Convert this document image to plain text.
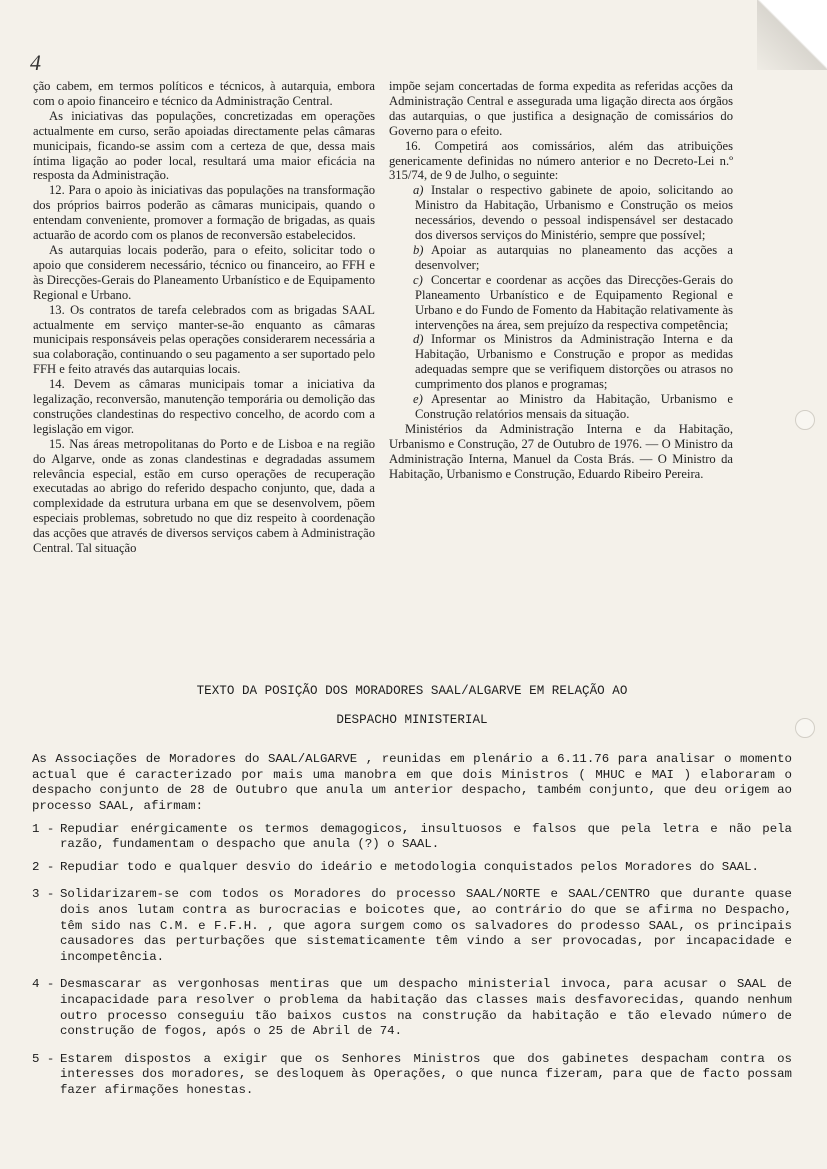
4

ção cabem, em termos políticos e técnicos, à autarquia, embora com o apoio financeiro e técnico da Administração Central.

As iniciativas das populações, concretizadas em operações actualmente em curso, serão apoiadas directamente pelas câmaras municipais, ficando-se assim com a certeza de que, dessa mais íntima ligação ao poder local, resultará uma maior eficácia na resposta da Administração.

12. Para o apoio às iniciativas das populações na transformação dos próprios bairros poderão as câmaras municipais, quando o entendam conveniente, promover a formação de brigadas, as quais actuarão de acordo com os planos de reconversão estabelecidos.

As autarquias locais poderão, para o efeito, solicitar todo o apoio que considerem necessário, técnico ou financeiro, ao FFH e às Direcções-Gerais do Planeamento Urbanístico e de Equipamento Regional e Urbano.

13. Os contratos de tarefa celebrados com as brigadas SAAL actualmente em serviço manter-se-ão enquanto as câmaras municipais responsáveis pelas operações considerarem necessária a sua colaboração, continuando o seu pagamento a ser suportado pelo FFH e feito através das autarquias locais.

14. Devem as câmaras municipais tomar a iniciativa da legalização, reconversão, manutenção temporária ou demolição das construções clandestinas do respectivo concelho, de acordo com a legislação em vigor.

15. Nas áreas metropolitanas do Porto e de Lisboa e na região do Algarve, onde as zonas clandestinas e degradadas assumem relevância especial, estão em curso operações de recuperação executadas ao abrigo do referido despacho conjunto, que, dada a complexidade da estrutura urbana em que se desenvolvem, põem especiais problemas, sobretudo no que diz respeito à coordenação das acções que através de diversos serviços cabem à Administração Central. Tal situação

impõe sejam concertadas de forma expedita as referidas acções da Administração Central e assegurada uma ligação directa aos órgãos das autarquias, o que justifica a designação de comissários do Governo para o efeito.

16. Competirá aos comissários, além das atribuições genericamente definidas no número anterior e no Decreto-Lei n.º 315/74, de 9 de Julho, o seguinte:

a) Instalar o respectivo gabinete de apoio, solicitando ao Ministro da Habitação, Urbanismo e Construção os meios necessários, devendo o pessoal indispensável ser destacado dos diversos serviços do Ministério, sempre que possível;

b) Apoiar as autarquias no planeamento das acções a desenvolver;

c) Concertar e coordenar as acções das Direcções-Gerais do Planeamento Urbanístico e de Equipamento Regional e Urbano e do Fundo de Fomento da Habitação relativamente às intervenções na área, sem prejuízo da respectiva competência;

d) Informar os Ministros da Administração Interna e da Habitação, Urbanismo e Construção e propor as medidas adequadas sempre que se verifiquem distorções ou atrasos no cumprimento dos planos e programas;

e) Apresentar ao Ministro da Habitação, Urbanismo e Construção relatórios mensais da situação.

Ministérios da Administração Interna e da Habitação, Urbanismo e Construção, 27 de Outubro de 1976. — O Ministro da Administração Interna, Manuel da Costa Brás. — O Ministro da Habitação, Urbanismo e Construção, Eduardo Ribeiro Pereira.

TEXTO DA POSIÇÃO DOS MORADORES SAAL/ALGARVE EM RELAÇÃO AO

DESPACHO MINISTERIAL

As Associações de Moradores do SAAL/ALGARVE , reunidas em plenário a 6.11.76 para analisar o momento actual que é caracterizado por mais uma manobra em que dois Ministros ( MHUC e MAI ) elaboraram o despacho conjunto de 28 de Outubro que anula um anterior despacho, também conjunto, que deu origem ao processo SAAL, afirmam:

1 - Repudiar enérgicamente os termos demagogicos, insultuosos e falsos que pela letra e não pela razão, fundamentam o despacho que anula (?) o SAAL.
2 - Repudiar todo e qualquer desvio do ideário e metodologia conquistados pelos Moradores do SAAL.
3 - Solidarizarem-se com todos os Moradores do processo SAAL/NORTE e SAAL/CENTRO que durante quase dois anos lutam contra as burocracias e boicotes que, ao contrário do que se afirma no Despacho, têm sido nas C.M. e F.F.H. , que agora surgem como os salvadores do prodesso SAAL, os principais causadores das perturbações que sistematicamente têm vindo a ser provocadas, por incapacidade e incompetência.
4 - Desmascarar as vergonhosas mentiras que um despacho ministerial invoca, para acusar o SAAL de incapacidade para resolver o problema da habitação das classes mais desfavorecidas, quando nenhum outro processo conseguiu tão baixos custos na construção da habitação e tão elevado número de construção de fogos, após o 25 de Abril de 74.
5 - Estarem dispostos a exigir que os Senhores Ministros que dos gabinetes despacham contra os interesses dos moradores, se desloquem às Operações, o que nunca fizeram, para que de facto possam fazer afirmações honestas.
